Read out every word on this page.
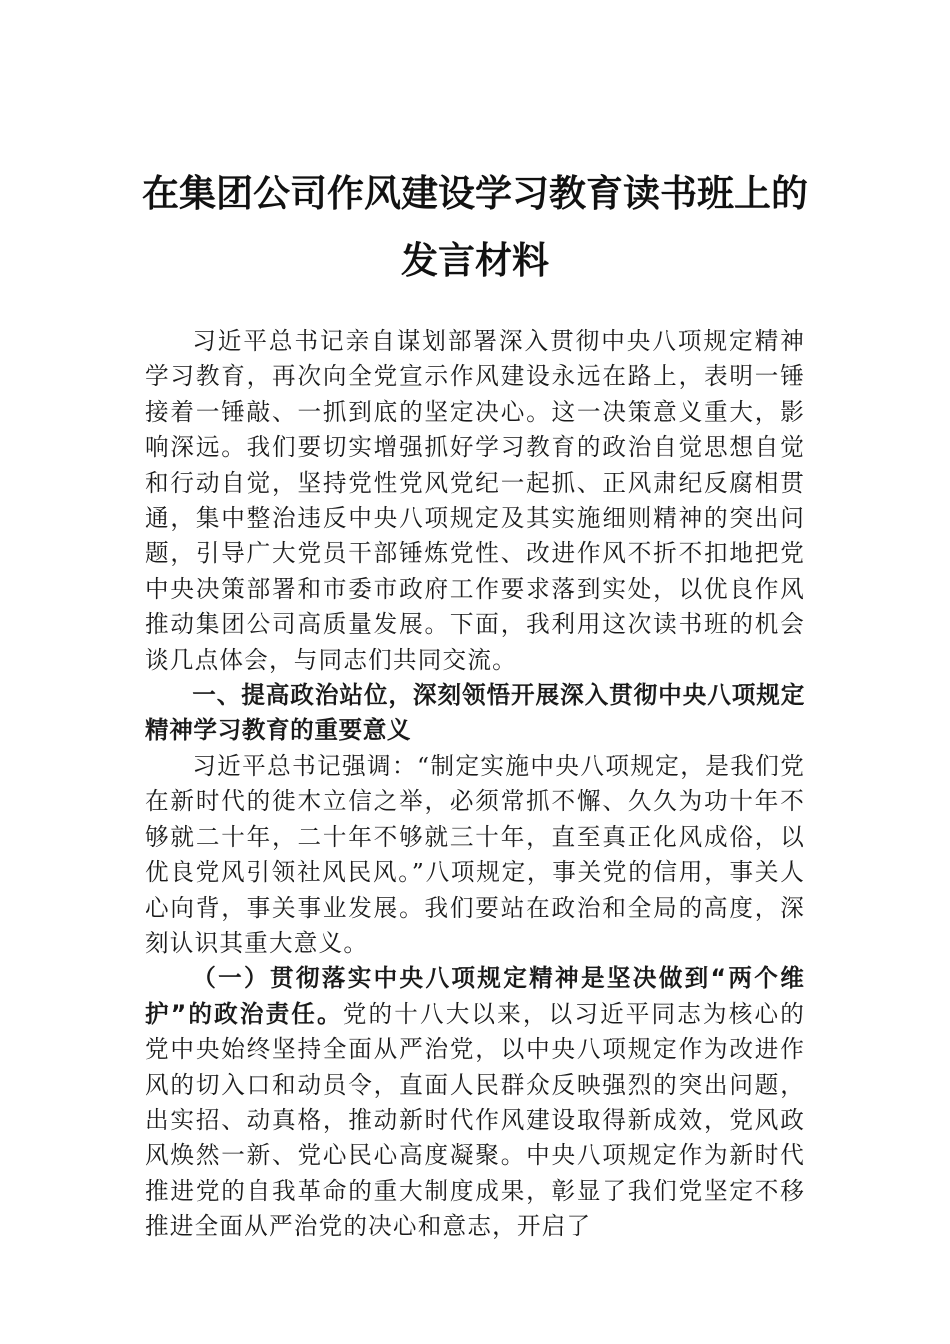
在集团公司作风建设学习教育读书班上的
发言材料

习近平总书记亲自谋划部署深入贯彻中央八项规定精神学习教育，再次向全党宣示作风建设永远在路上，表明一锤接着一锤敲、一抓到底的坚定决心。这一决策意义重大，影响深远。我们要切实增强抓好学习教育的政治自觉思想自觉和行动自觉，坚持党性党风党纪一起抓、正风肃纪反腐相贯通，集中整治违反中央八项规定及其实施细则精神的突出问题，引导广大党员干部锤炼党性、改进作风不折不扣地把党中央决策部署和市委市政府工作要求落到实处，以优良作风推动集团公司高质量发展。下面，我利用这次读书班的机会谈几点体会，与同志们共同交流。

一、提高政治站位，深刻领悟开展深入贯彻中央八项规定精神学习教育的重要意义

习近平总书记强调：“制定实施中央八项规定，是我们党在新时代的徙木立信之举，必须常抓不懈、久久为功十年不够就二十年，二十年不够就三十年，直至真正化风成俗，以优良党风引领社风民风。”八项规定，事关党的信用，事关人心向背，事关事业发展。我们要站在政治和全局的高度，深刻认识其重大意义。

（一）贯彻落实中央八项规定精神是坚决做到“两个维护”的政治责任。党的十八大以来，以习近平同志为核心的党中央始终坚持全面从严治党，以中央八项规定作为改进作风的切入口和动员令，直面人民群众反映强烈的突出问题，出实招、动真格，推动新时代作风建设取得新成效，党风政风焕然一新、党心民心高度凝聚。中央八项规定作为新时代推进党的自我革命的重大制度成果，彰显了我们党坚定不移推进全面从严治党的决心和意志，开启了
